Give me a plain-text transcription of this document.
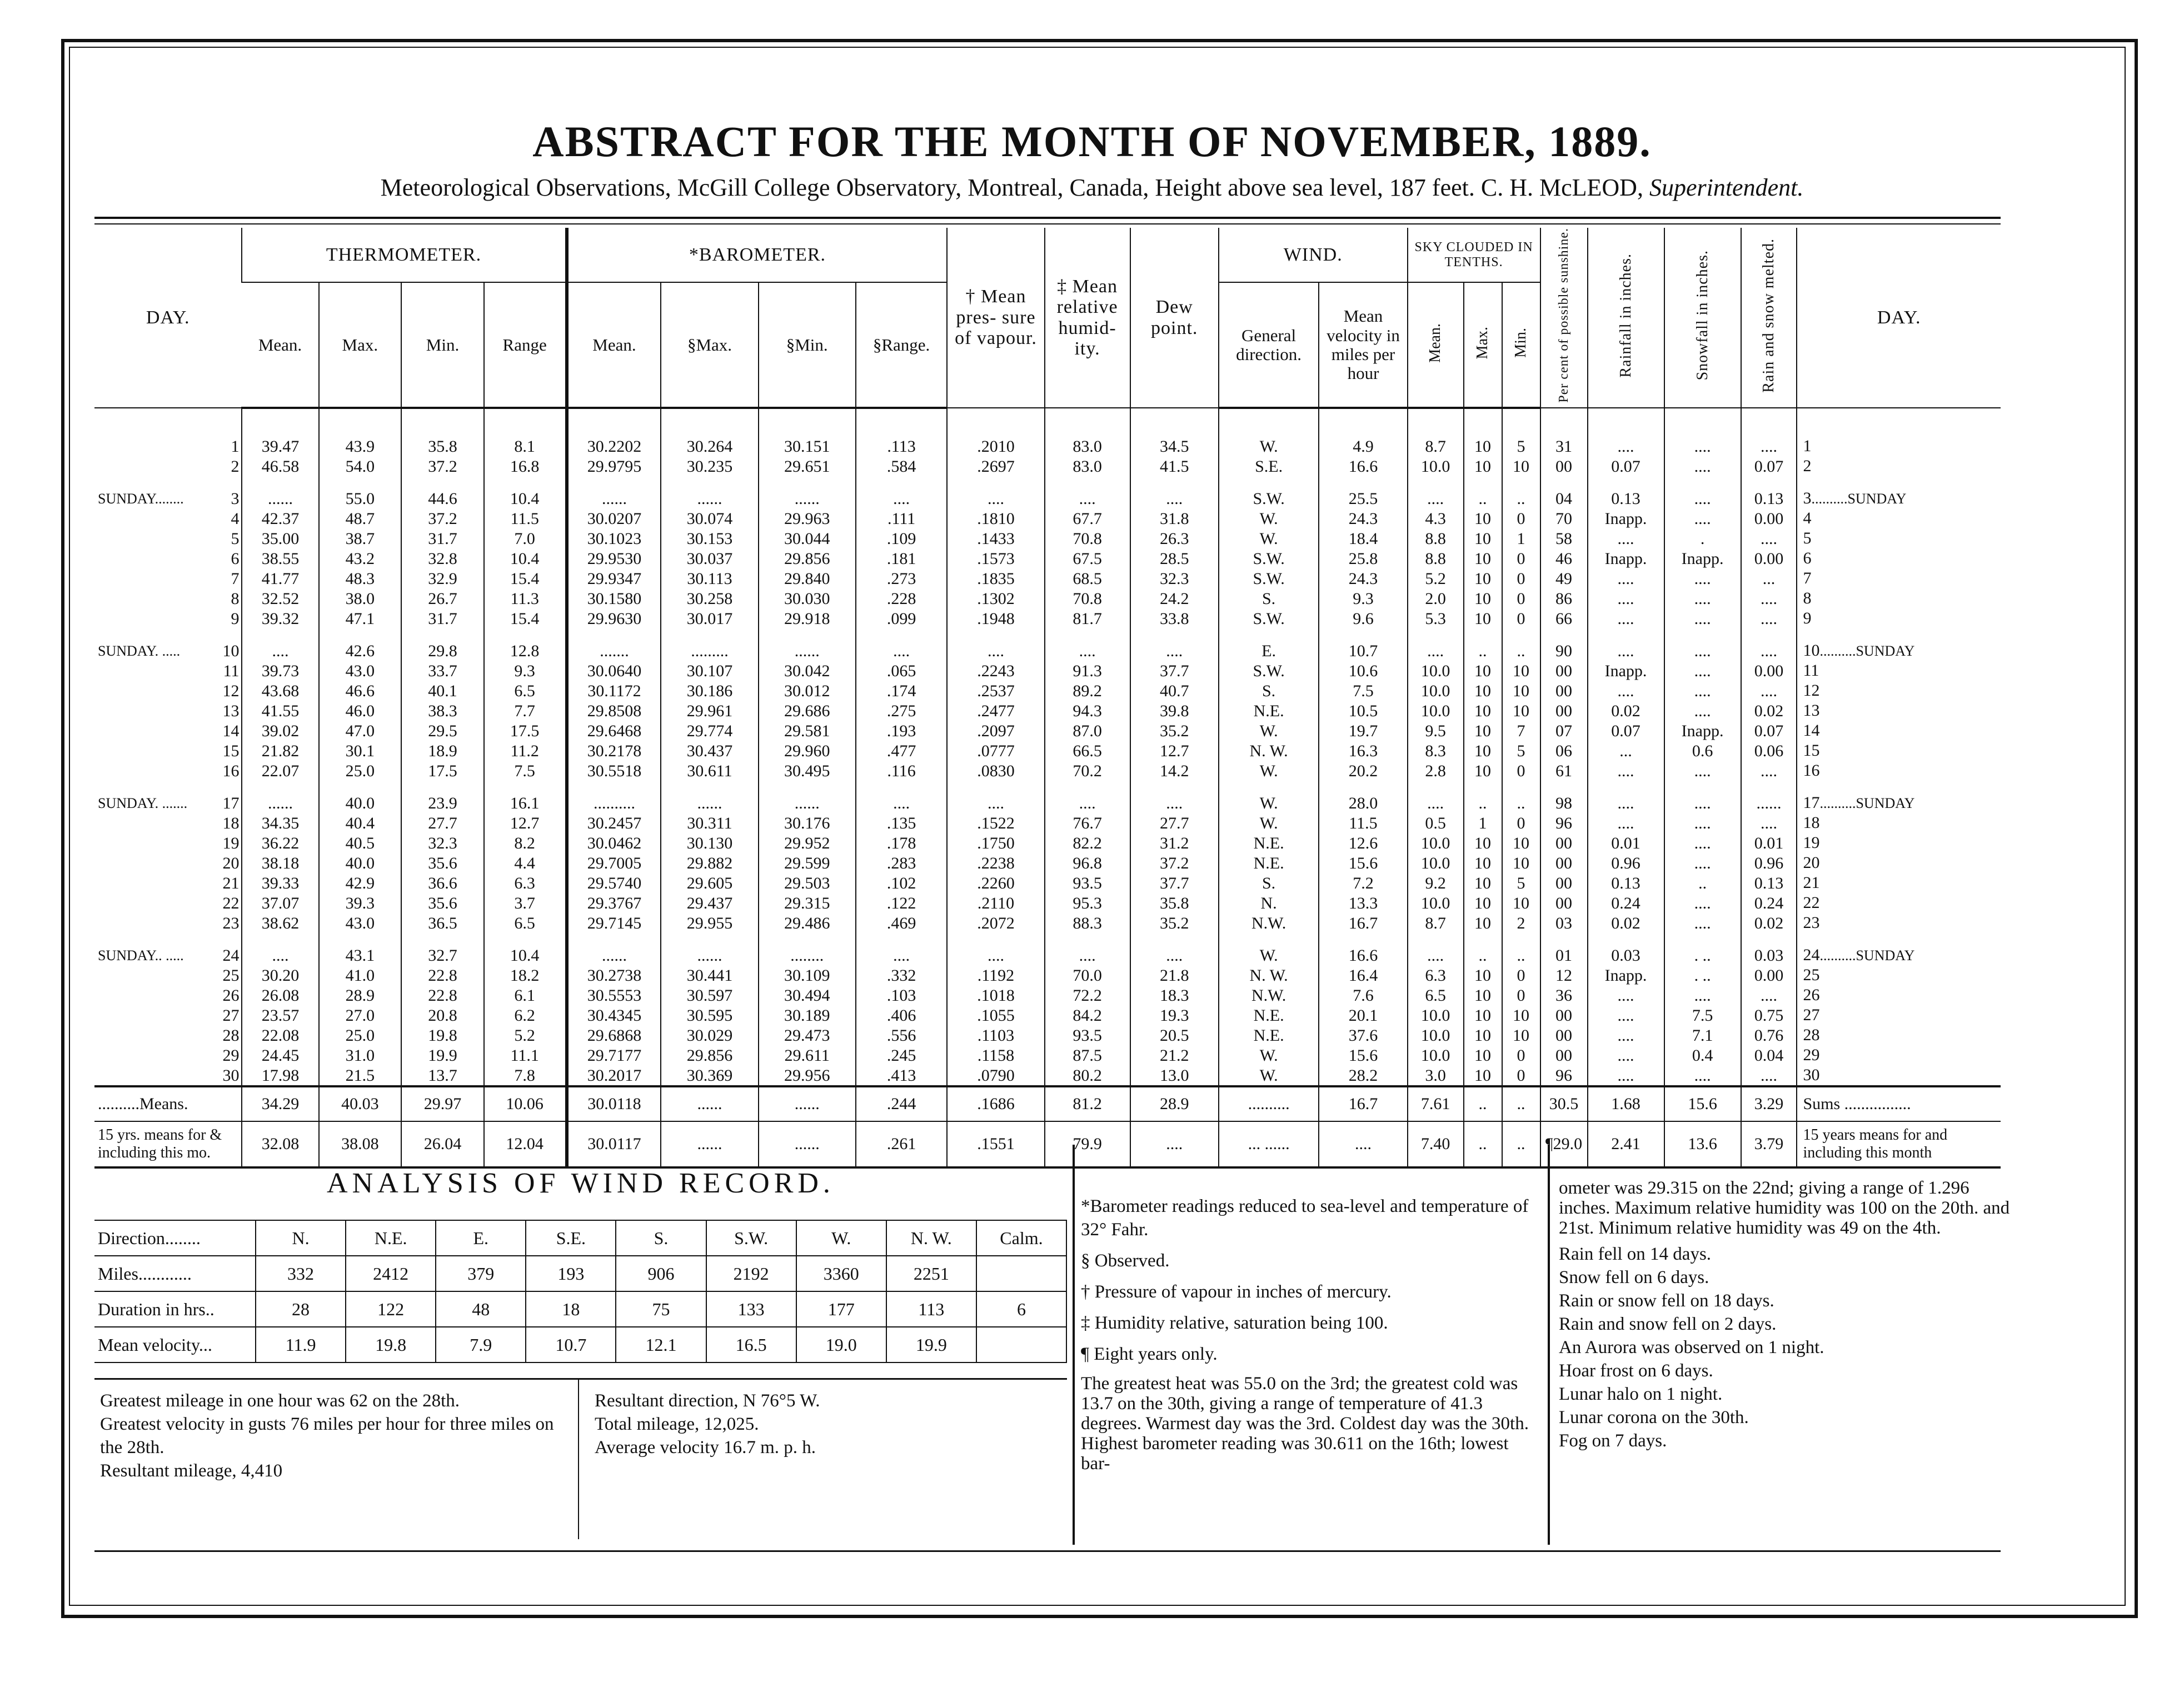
ABSTRACT FOR THE MONTH OF NOVEMBER, 1889.
Meteorological Observations, McGill College Observatory, Montreal, Canada, Height above sea level, 187 feet. C. H. McLEOD, Superintendent.
DAY.	THERMOMETER.				*BAROMETER.				† Mean pres- sure of vapour.	‡ Mean relative humid- ity.	Dew point.	WIND.		SKY CLOUDED IN TENTHS.			Per cent of possible sunshine.	Rainfall in inches.	Snowfall in inches.	Rain and snow melted.	DAY.
	Mean.	Max.	Min.	Range	Mean.	§Max.	§Min.	§Range.				General direction.	Mean velocity in miles per hour	Mean.	Max.	Min.					

1	39.47	43.9	35.8	8.1	30.2202	30.264	30.151	.113	.2010	83.0	34.5	W.	4.9	8.7	10	5	31	....	....	....	1

2	46.58	54.0	37.2	16.8	29.9795	30.235	29.651	.584	.2697	83.0	41.5	S.E.	16.6	10.0	10	10	00	0.07	....	0.07	2

SUNDAY........ 3	......	55.0	44.6	10.4	......	......	......	....	....	....	....	S.W.	25.5	....	..	..	04	0.13	....	0.13	3..........SUNDAY

4	42.37	48.7	37.2	11.5	30.0207	30.074	29.963	.111	.1810	67.7	31.8	W.	24.3	4.3	10	0	70	Inapp.	....	0.00	4

5	35.00	38.7	31.7	7.0	30.1023	30.153	30.044	.109	.1433	70.8	26.3	W.	18.4	8.8	10	1	58	....	.	....	5

6	38.55	43.2	32.8	10.4	29.9530	30.037	29.856	.181	.1573	67.5	28.5	S.W.	25.8	8.8	10	0	46	Inapp.	Inapp.	0.00	6

7	41.77	48.3	32.9	15.4	29.9347	30.113	29.840	.273	.1835	68.5	32.3	S.W.	24.3	5.2	10	0	49	....	....	...	7

8	32.52	38.0	26.7	11.3	30.1580	30.258	30.030	.228	.1302	70.8	24.2	S.	9.3	2.0	10	0	86	....	....	....	8

9	39.32	47.1	31.7	15.4	29.9630	30.017	29.918	.099	.1948	81.7	33.8	S.W.	9.6	5.3	10	0	66	....	....	....	9

SUNDAY. ..... 10	....	42.6	29.8	12.8	.......	.........	......	....	....	....	....	E.	10.7	....	..	..	90	....	....	....	10..........SUNDAY

11	39.73	43.0	33.7	9.3	30.0640	30.107	30.042	.065	.2243	91.3	37.7	S.W.	10.6	10.0	10	10	00	Inapp.	....	0.00	11

12	43.68	46.6	40.1	6.5	30.1172	30.186	30.012	.174	.2537	89.2	40.7	S.	7.5	10.0	10	10	00	....	....	....	12

13	41.55	46.0	38.3	7.7	29.8508	29.961	29.686	.275	.2477	94.3	39.8	N.E.	10.5	10.0	10	10	00	0.02	....	0.02	13

14	39.02	47.0	29.5	17.5	29.6468	29.774	29.581	.193	.2097	87.0	35.2	W.	19.7	9.5	10	7	07	0.07	Inapp.	0.07	14

15	21.82	30.1	18.9	11.2	30.2178	30.437	29.960	.477	.0777	66.5	12.7	N. W.	16.3	8.3	10	5	06	...	0.6	0.06	15

16	22.07	25.0	17.5	7.5	30.5518	30.611	30.495	.116	.0830	70.2	14.2	W.	20.2	2.8	10	0	61	....	....	....	16

SUNDAY. ....... 17	......	40.0	23.9	16.1	..........	......	......	....	....	....	....	W.	28.0	....	..	..	98	....	....	......	17..........SUNDAY

18	34.35	40.4	27.7	12.7	30.2457	30.311	30.176	.135	.1522	76.7	27.7	W.	11.5	0.5	1	0	96	....	....	....	18

19	36.22	40.5	32.3	8.2	30.0462	30.130	29.952	.178	.1750	82.2	31.2	N.E.	12.6	10.0	10	10	00	0.01	....	0.01	19

20	38.18	40.0	35.6	4.4	29.7005	29.882	29.599	.283	.2238	96.8	37.2	N.E.	15.6	10.0	10	10	00	0.96	....	0.96	20

21	39.33	42.9	36.6	6.3	29.5740	29.605	29.503	.102	.2260	93.5	37.7	S.	7.2	9.2	10	5	00	0.13	..	0.13	21

22	37.07	39.3	35.6	3.7	29.3767	29.437	29.315	.122	.2110	95.3	35.8	N.	13.3	10.0	10	10	00	0.24	....	0.24	22

23	38.62	43.0	36.5	6.5	29.7145	29.955	29.486	.469	.2072	88.3	35.2	N.W.	16.7	8.7	10	2	03	0.02	....	0.02	23

SUNDAY.. ..... 24	....	43.1	32.7	10.4	......	......	........	....	....	....	....	W.	16.6	....	..	..	01	0.03	. ..	0.03	24..........SUNDAY

25	30.20	41.0	22.8	18.2	30.2738	30.441	30.109	.332	.1192	70.0	21.8	N. W.	16.4	6.3	10	0	12	Inapp.	. ..	0.00	25

26	26.08	28.9	22.8	6.1	30.5553	30.597	30.494	.103	.1018	72.2	18.3	N.W.	7.6	6.5	10	0	36	....	....	....	26

27	23.57	27.0	20.8	6.2	30.4345	30.595	30.189	.406	.1055	84.2	19.3	N.E.	20.1	10.0	10	10	00	....	7.5	0.75	27

28	22.08	25.0	19.8	5.2	29.6868	30.029	29.473	.556	.1103	93.5	20.5	N.E.	37.6	10.0	10	10	00	....	7.1	0.76	28

29	24.45	31.0	19.9	11.1	29.7177	29.856	29.611	.245	.1158	87.5	21.2	W.	15.6	10.0	10	0	00	....	0.4	0.04	29

30	17.98	21.5	13.7	7.8	30.2017	30.369	29.956	.413	.0790	80.2	13.0	W.	28.2	3.0	10	0	96	....	....	....	30
..........Means.	34.29	40.03	29.97	10.06	30.0118	......	......	.244	.1686	81.2	28.9	..........	16.7	7.61	..	..	30.5	1.68	15.6	3.29	Sums ................
15 yrs. means for & including this mo.	32.08	38.08	26.04	12.04	30.0117	......	......	.261	.1551	79.9	....	... ......	....	7.40	..	..	¶29.0	2.41	13.6	3.79	15 years means for and including this month
ANALYSIS OF WIND RECORD.
Direction........	N.	N.E.	E.	S.E.	S.	S.W.	W.	N. W.	Calm.
Miles............	332	2412	379	193	906	2192	3360	2251	
Duration in hrs..	28	122	48	18	75	133	177	113	6
Mean velocity...	11.9	19.8	7.9	10.7	12.1	16.5	19.0	19.9	
Greatest mileage in one hour was 62 on the 28th.
Greatest velocity in gusts 76 miles per hour for three miles on the 28th.
Resultant mileage, 4,410
Resultant direction, N 76°5 W.
Total mileage, 12,025.
Average velocity 16.7 m. p. h.
*Barometer readings reduced to sea-level and temperature of 32° Fahr.
§ Observed.
† Pressure of vapour in inches of mercury.
‡ Humidity relative, saturation being 100.
¶ Eight years only.
The greatest heat was 55.0 on the 3rd; the greatest cold was 13.7 on the 30th, giving a range of temperature of 41.3 degrees. Warmest day was the 3rd. Coldest day was the 30th. Highest barometer reading was 30.611 on the 16th; lowest bar-
ometer was 29.315 on the 22nd; giving a range of 1.296 inches. Maximum relative humidity was 100 on the 20th. and 21st. Minimum relative humidity was 49 on the 4th.
Rain fell on 14 days.
Snow fell on 6 days.
Rain or snow fell on 18 days.
Rain and snow fell on 2 days.
An Aurora was observed on 1 night.
Hoar frost on 6 days.
Lunar halo on 1 night.
Lunar corona on the 30th.
Fog on 7 days.
